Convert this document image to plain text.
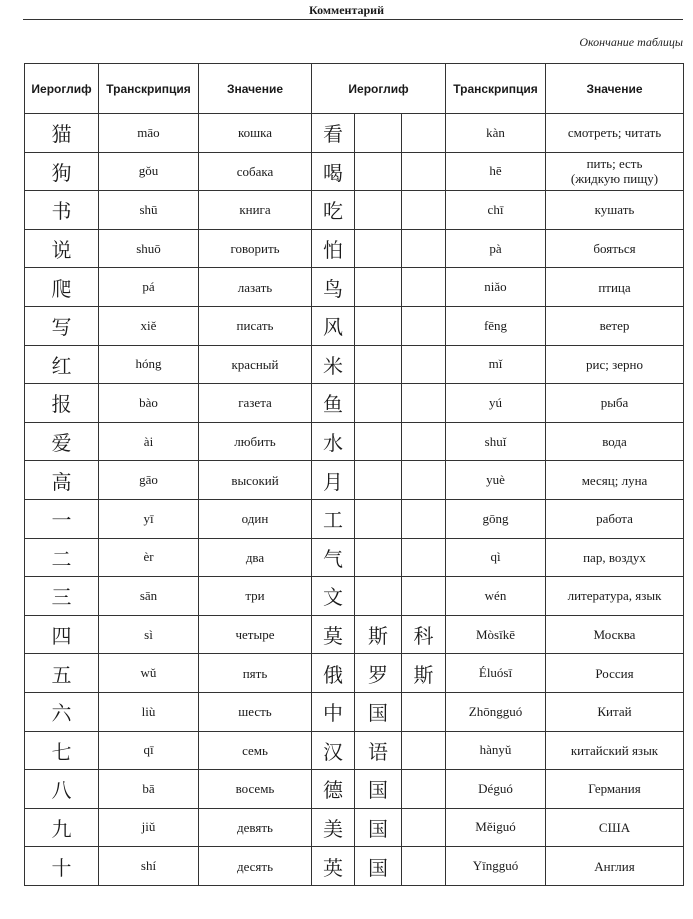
Комментарий
Окончание таблицы
Иероглиф	Транскрипция	Значение	Иероглиф			Транскрипция	Значение
猫	māo	кошка	看			kàn	смотреть; читать
狗	gǒu	собака	喝			hē	пить; есть
(жидкую пищу)
书	shū	книга	吃			chī	кушать
说	shuō	говорить	怕			pà	бояться
爬	pá	лазать	鸟			niǎo	птица
写	xiě	писать	风			fēng	ветер
红	hóng	красный	米			mǐ	рис; зерно
报	bào	газета	鱼			yú	рыба
爱	ài	любить	水			shuǐ	вода
高	gāo	высокий	月			yuè	месяц; луна
一	yī	один	工			gōng	работа
二	èr	два	气			qì	пар, воздух
三	sān	три	文			wén	литература, язык
四	sì	четыре	莫	斯	科	Mòsīkē	Москва
五	wǔ	пять	俄	罗	斯	Éluósī	Россия
六	liù	шесть	中	国		Zhōngguó	Китай
七	qī	семь	汉	语		hànyǔ	китайский язык
八	bā	восемь	德	国		Déguó	Германия
九	jiǔ	девять	美	国		Měiguó	США
十	shí	десять	英	国		Yīngguó	Англия
